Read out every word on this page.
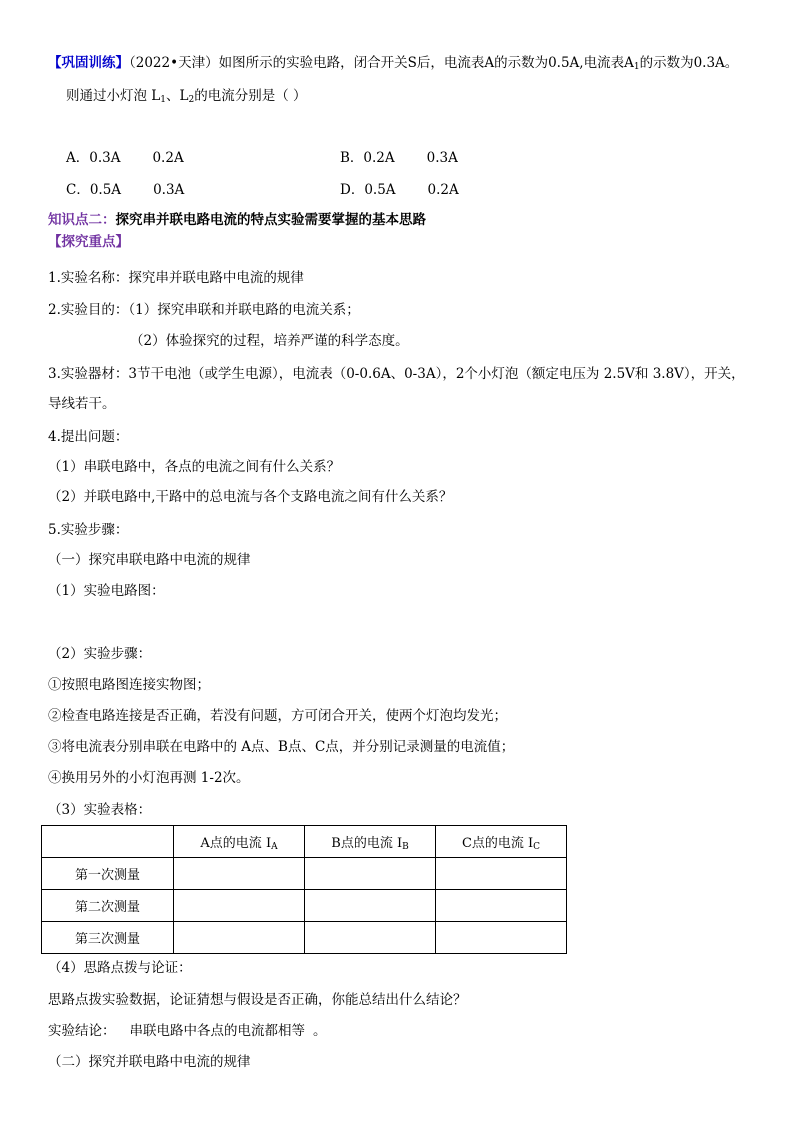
【巩固训练】（2022•天津）如图所示的实验电路，闭合开关S后，电流表A的示数为0.5A,电流表$A_1$的示数为0.3A。
则通过小灯泡 $L_1$、$L_2$的电流分别是（ ）
A．0.3A 0.2A	B．0.2A 0.3A
C．0.5A 0.3A	D．0.5A 0.2A
知识点二：探究串并联电路电流的特点实验需要掌握的基本思路
【探究重点】
1.实验名称：探究串并联电路中电流的规律
2.实验目的：（1）探究串联和并联电路的电流关系；
（2）体验探究的过程，培养严谨的科学态度。
3.实验器材：3节干电池（或学生电源），电流表（0-0.6A、0-3A），2个小灯泡（额定电压为 2.5V和 3.8V），开关，
导线若干。
4.提出问题：
（1）串联电路中，各点的电流之间有什么关系？
（2）并联电路中,干路中的总电流与各个支路电流之间有什么关系？
5.实验步骤：
（一）探究串联电路中电流的规律
（1）实验电路图：
（2）实验步骤：
①按照电路图连接实物图；
②检查电路连接是否正确，若没有问题，方可闭合开关，使两个灯泡均发光；
③将电流表分别串联在电路中的 A点、B点、C点，并分别记录测量的电流值；
④换用另外的小灯泡再测 1-2次。
（3）实验表格：
	A点的电流 $I_A$	B点的电流 $I_B$	C点的电流 $I_C$
第一次测量			
第二次测量			
第三次测量			
（4）思路点拨与论证：
思路点拨实验数据，论证猜想与假设是否正确，你能总结出什么结论？
实验结论： 串联电路中各点的电流都相等 。
（二）探究并联电路中电流的规律
